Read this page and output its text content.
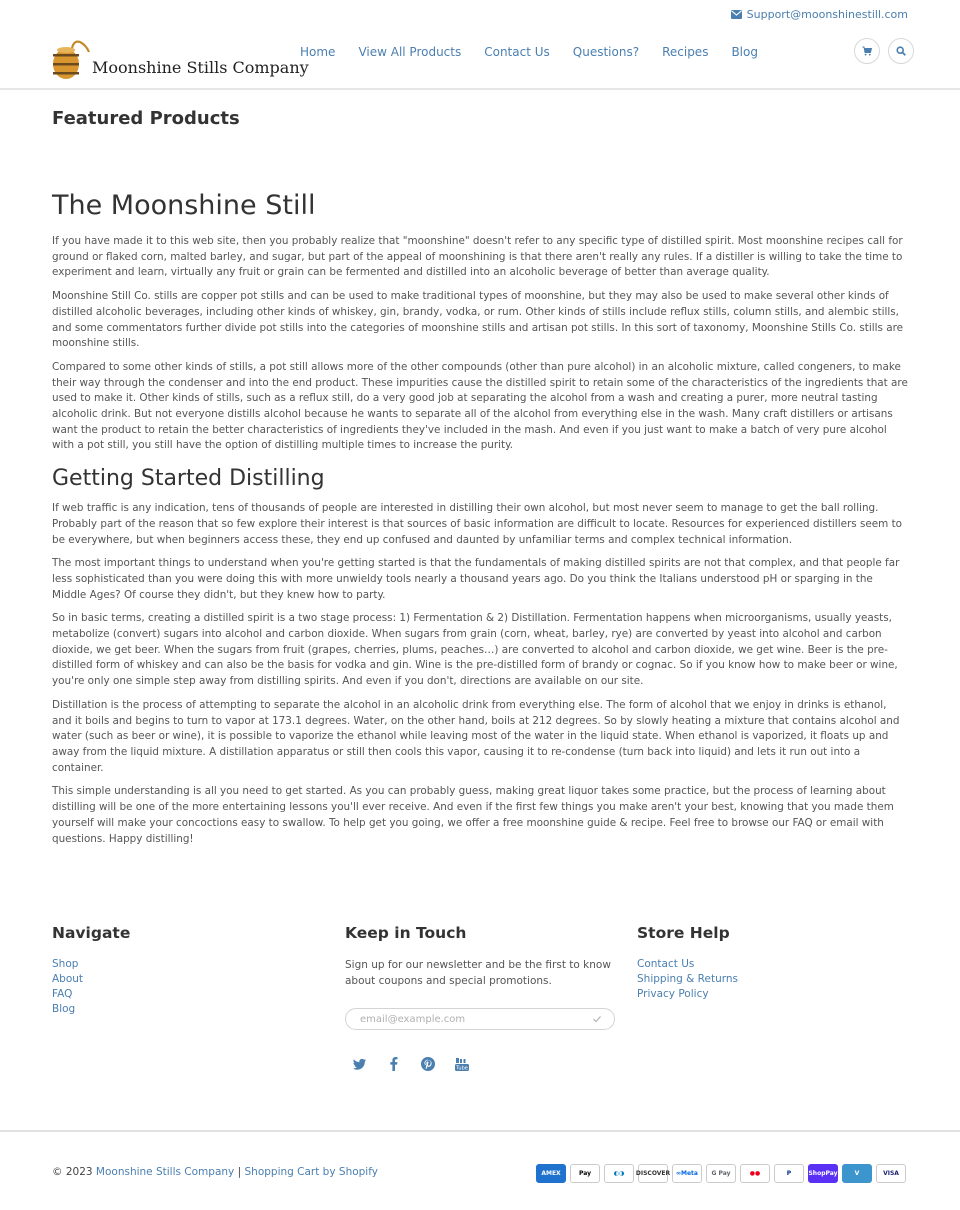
Support@moonshinestill.com
Moonshine Stills Company
Home View All Products Contact Us Questions? Recipes Blog
Featured Products
The Moonshine Still

If you have made it to this web site, then you probably realize that "moonshine" doesn't refer to any specific type of distilled spirit. Most moonshine recipes call for ground or flaked corn, malted barley, and sugar, but part of the appeal of moonshining is that there aren't really any rules. If a distiller is willing to take the time to experiment and learn, virtually any fruit or grain can be fermented and distilled into an alcoholic beverage of better than average quality.

Moonshine Still Co. stills are copper pot stills and can be used to make traditional types of moonshine, but they may also be used to make several other kinds of distilled alcoholic beverages, including other kinds of whiskey, gin, brandy, vodka, or rum. Other kinds of stills include reflux stills, column stills, and alembic stills, and some commentators further divide pot stills into the categories of moonshine stills and artisan pot stills. In this sort of taxonomy, Moonshine Stills Co. stills are moonshine stills.

Compared to some other kinds of stills, a pot still allows more of the other compounds (other than pure alcohol) in an alcoholic mixture, called congeners, to make their way through the condenser and into the end product. These impurities cause the distilled spirit to retain some of the characteristics of the ingredients that are used to make it. Other kinds of stills, such as a reflux still, do a very good job at separating the alcohol from a wash and creating a purer, more neutral tasting alcoholic drink. But not everyone distills alcohol because he wants to separate all of the alcohol from everything else in the wash. Many craft distillers or artisans want the product to retain the better characteristics of ingredients they've included in the mash. And even if you just want to make a batch of very pure alcohol with a pot still, you still have the option of distilling multiple times to increase the purity.

Getting Started Distilling

If web traffic is any indication, tens of thousands of people are interested in distilling their own alcohol, but most never seem to manage to get the ball rolling. Probably part of the reason that so few explore their interest is that sources of basic information are difficult to locate. Resources for experienced distillers seem to be everywhere, but when beginners access these, they end up confused and daunted by unfamiliar terms and complex technical information.

The most important things to understand when you're getting started is that the fundamentals of making distilled spirits are not that complex, and that people far less sophisticated than you were doing this with more unwieldy tools nearly a thousand years ago. Do you think the Italians understood pH or sparging in the Middle Ages? Of course they didn't, but they knew how to party.

So in basic terms, creating a distilled spirit is a two stage process: 1) Fermentation & 2) Distillation. Fermentation happens when microorganisms, usually yeasts, metabolize (convert) sugars into alcohol and carbon dioxide. When sugars from grain (corn, wheat, barley, rye) are converted by yeast into alcohol and carbon dioxide, we get beer. When the sugars from fruit (grapes, cherries, plums, peaches…) are converted to alcohol and carbon dioxide, we get wine. Beer is the pre-distilled form of whiskey and can also be the basis for vodka and gin. Wine is the pre-distilled form of brandy or cognac. So if you know how to make beer or wine, you're only one simple step away from distilling spirits. And even if you don't, directions are available on our site.

Distillation is the process of attempting to separate the alcohol in an alcoholic drink from everything else. The form of alcohol that we enjoy in drinks is ethanol, and it boils and begins to turn to vapor at 173.1 degrees. Water, on the other hand, boils at 212 degrees. So by slowly heating a mixture that contains alcohol and water (such as beer or wine), it is possible to vaporize the ethanol while leaving most of the water in the liquid state. When ethanol is vaporized, it floats up and away from the liquid mixture. A distillation apparatus or still then cools this vapor, causing it to re-condense (turn back into liquid) and lets it run out into a container.

This simple understanding is all you need to get started. As you can probably guess, making great liquor takes some practice, but the process of learning about distilling will be one of the more entertaining lessons you'll ever receive. And even if the first few things you make aren't your best, knowing that you made them yourself will make your concoctions easy to swallow. To help get you going, we offer a free moonshine guide & recipe. Feel free to browse our FAQ or email with questions. Happy distilling!

Navigate
Shop
About
FAQ
Blog
Keep in Touch

Sign up for our newsletter and be the first to know about coupons and special promotions.

email@example.com
Tube
Store Help
Contact Us
Shipping & Returns
Privacy Policy
© 2023 Moonshine Stills Company | Shopping Cart by Shopify	AMEX	Pay	◐◑	DISCOVER ∞Meta	G Pay	●●	P	ShopPay	V	VISA
